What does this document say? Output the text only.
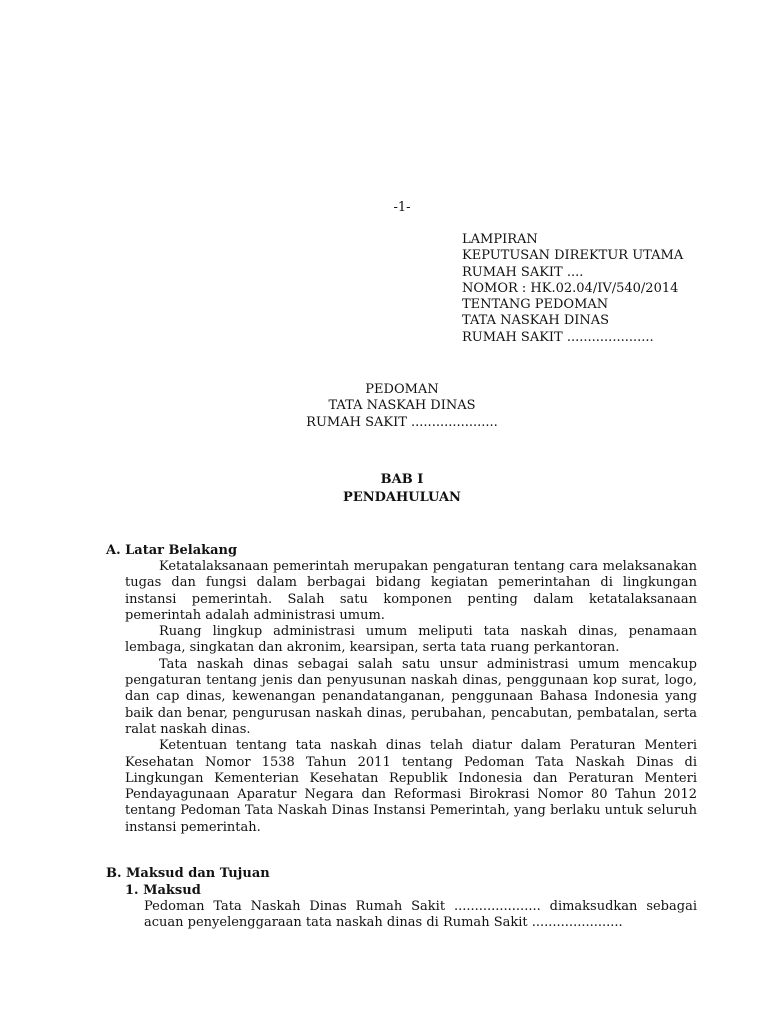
-1-
LAMPIRAN
KEPUTUSAN DIREKTUR UTAMA
RUMAH SAKIT ....
NOMOR : HK.02.04/IV/540/2014
TENTANG PEDOMAN
TATA NASKAH DINAS
RUMAH SAKIT .....................
PEDOMAN
TATA NASKAH DINAS
RUMAH SAKIT .....................
BAB I
PENDAHULUAN
A. Latar Belakang

Ketatalaksanaan pemerintah merupakan pengaturan tentang cara melaksanakan tugas dan fungsi dalam berbagai bidang kegiatan pemerintahan di lingkungan instansi pemerintah. Salah satu komponen penting dalam ketatalaksanaan pemerintah adalah administrasi umum.

Ruang lingkup administrasi umum meliputi tata naskah dinas, penamaan lembaga, singkatan dan akronim, kearsipan, serta tata ruang perkantoran.

Tata naskah dinas sebagai salah satu unsur administrasi umum mencakup pengaturan tentang jenis dan penyusunan naskah dinas, penggunaan kop surat, logo, dan cap dinas, kewenangan penandatanganan, penggunaan Bahasa Indonesia yang baik dan benar, pengurusan naskah dinas, perubahan, pencabutan, pembatalan, serta ralat naskah dinas.

Ketentuan tentang tata naskah dinas telah diatur dalam Peraturan Menteri Kesehatan Nomor 1538 Tahun 2011 tentang Pedoman Tata Naskah Dinas di Lingkungan Kementerian Kesehatan Republik Indonesia dan Peraturan Menteri Pendayagunaan Aparatur Negara dan Reformasi Birokrasi Nomor 80 Tahun 2012 tentang Pedoman Tata Naskah Dinas Instansi Pemerintah, yang berlaku untuk seluruh instansi pemerintah.

B. Maksud dan Tujuan
1. Maksud

Pedoman Tata Naskah Dinas Rumah Sakit ..................... dimaksudkan sebagai acuan penyelenggaraan tata naskah dinas di Rumah Sakit ......................
